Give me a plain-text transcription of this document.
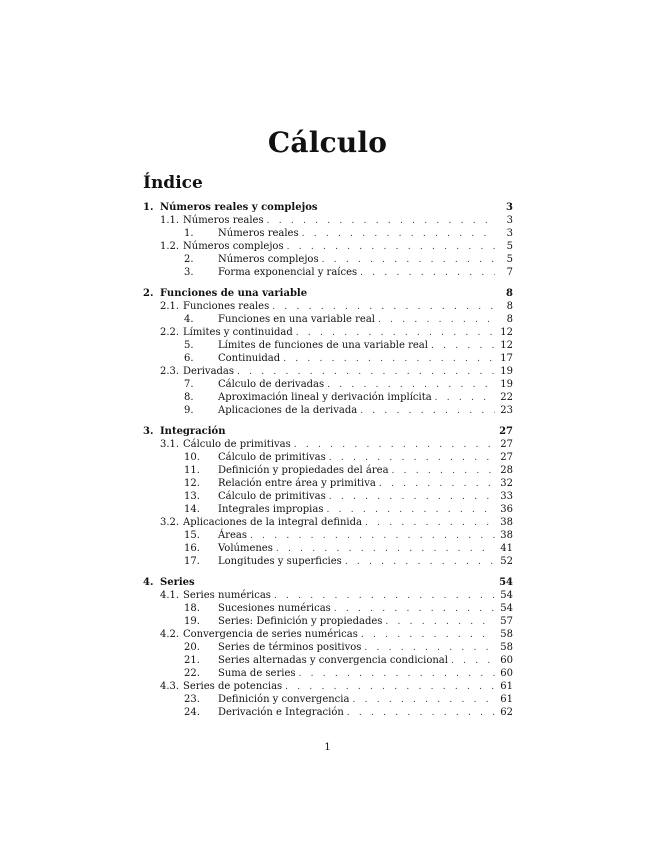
Cálculo
Índice
1. Números reales y complejos	3
1.1. Números reales . . .	3
1.	Números reales . . .	3
1.2. Números complejos . . .	5
2.	Números complejos . . .	5
3.	Forma exponencial y raíces . . .	7
2. Funciones de una variable	8
2.1. Funciones reales . . .	8
4.	Funciones en una variable real . . .	8
2.2. Límites y continuidad . . .	12
5.	Límites de funciones de una variable real . . .	12
6.	Continuidad . . .	17
2.3. Derivadas . . .	19
7.	Cálculo de derivadas . . .	19
8.	Aproximación lineal y derivación implícita . . .	22
9.	Aplicaciones de la derivada . . .	23
3. Integración	27
3.1. Cálculo de primitivas . . .	27
10.	Cálculo de primitivas . . .	27
11.	Definición y propiedades del área . . .	28
12.	Relación entre área y primitiva . . .	32
13.	Cálculo de primitivas . . .	33
14.	Integrales impropias . . .	36
3.2. Aplicaciones de la integral definida . . .	38
15.	Áreas . . .	38
16.	Volúmenes . . .	41
17.	Longitudes y superficies . . .	52
4. Series	54
4.1. Series numéricas . . .	54
18.	Sucesiones numéricas . . .	54
19.	Series: Definición y propiedades . . .	57
4.2. Convergencia de series numéricas . . .	58
20.	Series de términos positivos . . .	58
21.	Series alternadas y convergencia condicional . . .	60
22.	Suma de series . . .	60
4.3. Series de potencias . . .	61
23.	Definición y convergencia . . .	61
24.	Derivación e Integración . . .	62
1
